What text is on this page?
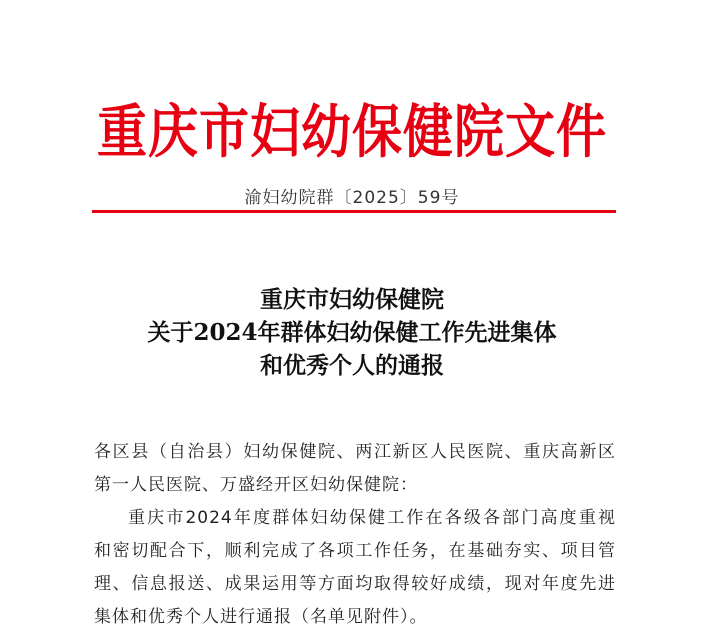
重庆市妇幼保健院文件
渝妇幼院群〔2025〕59号
重庆市妇幼保健院
关于2024年群体妇幼保健工作先进集体
和优秀个人的通报

各区县（自治县）妇幼保健院、两江新区人民医院、重庆高新区

第一人民医院、万盛经开区妇幼保健院：

重庆市2024年度群体妇幼保健工作在各级各部门高度重视

和密切配合下，顺利完成了各项工作任务，在基础夯实、项目管

理、信息报送、成果运用等方面均取得较好成绩，现对年度先进

集体和优秀个人进行通报（名单见附件）。
